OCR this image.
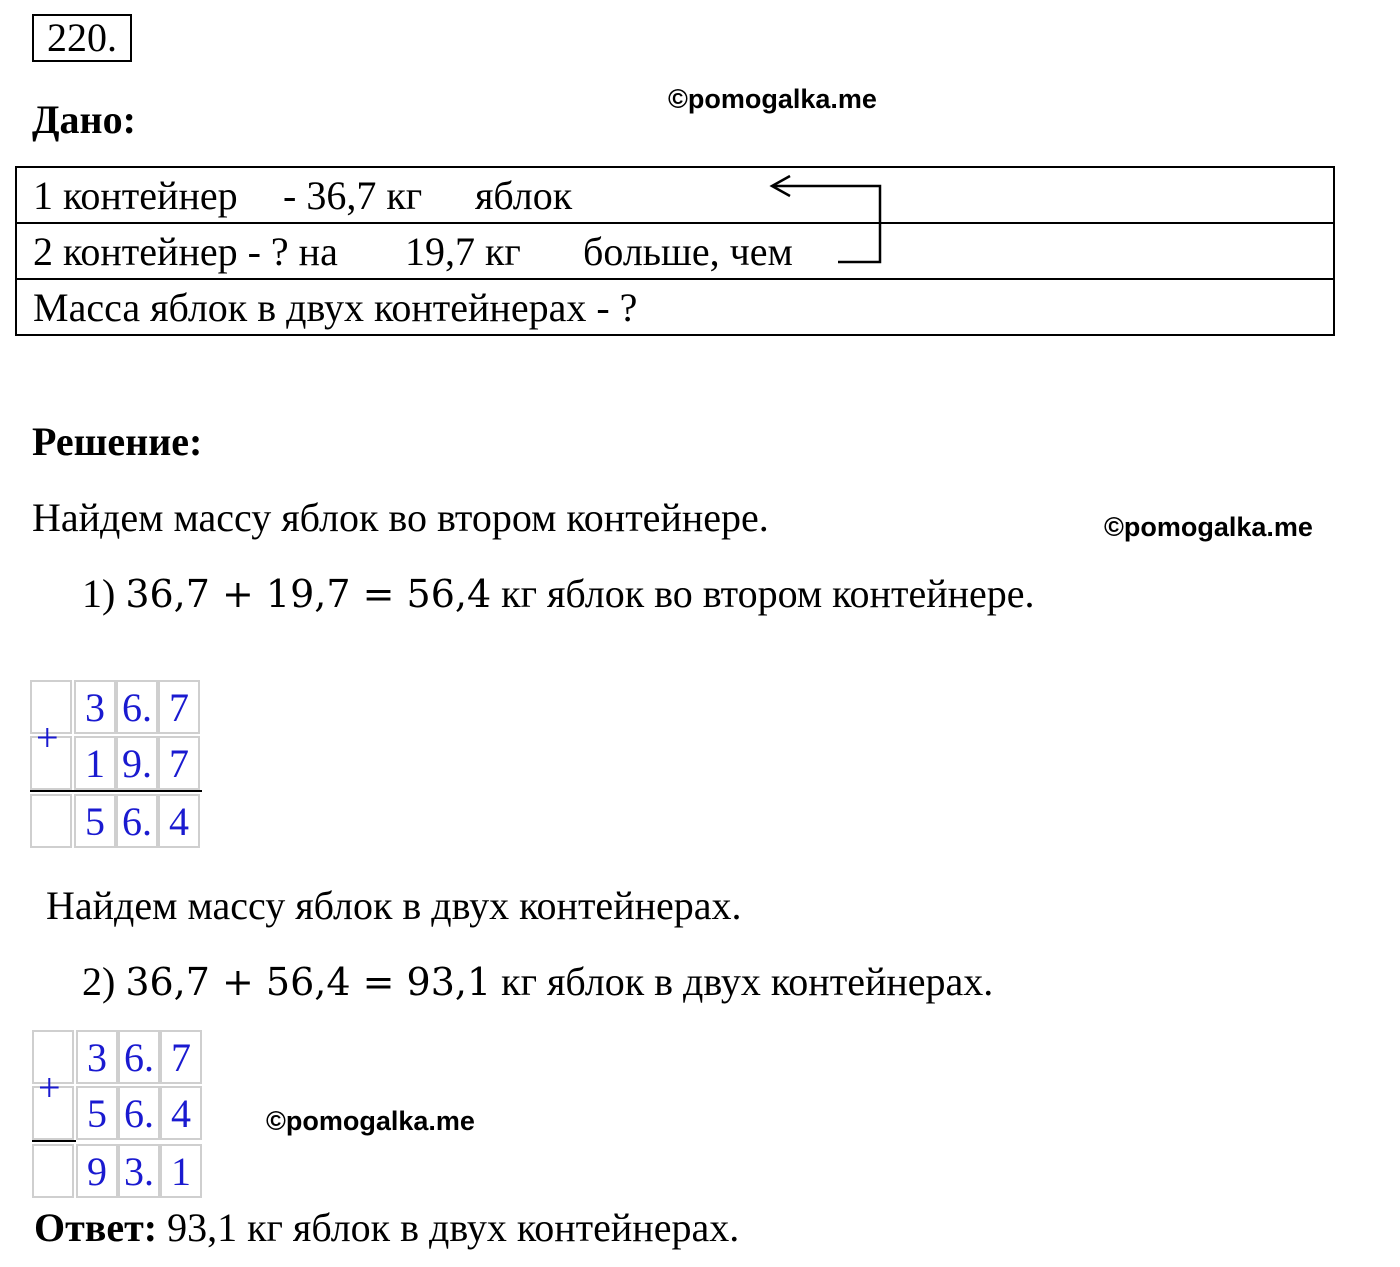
220.
Дано:	©pomogalka.me
1 контейнер - 36,7 кг яблок
2 контейнер - ? на 19,7 кг больше, чем
Масса яблок в двух контейнерах - ?
Решение:
Найдем массу яблок во втором контейнере.	©pomogalka.me
1) 36,7 + 19,7 = 56,4 кг яблок во втором контейнере.
+
3 6. 7
1 9. 7
5 6. 4
Найдем массу яблок в двух контейнерах.
2) 36,7 + 56,4 = 93,1 кг яблок в двух контейнерах.
+
3 6. 7
5 6. 4
9 3. 1
©pomogalka.me
Ответ: 93,1 кг яблок в двух контейнерах.
